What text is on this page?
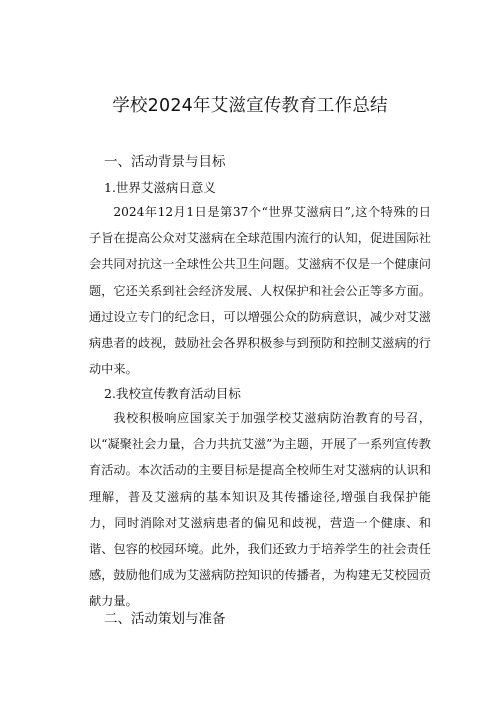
学校2024年艾滋宣传教育工作总结
一、活动背景与目标
1.世界艾滋病日意义

2024年12月1日是第37个“世界艾滋病日”,这个特殊的日子旨在提高公众对艾滋病在全球范围内流行的认知，促进国际社会共同对抗这一全球性公共卫生问题。艾滋病不仅是一个健康问题，它还关系到社会经济发展、人权保护和社会公正等多方面。通过设立专门的纪念日，可以增强公众的防病意识，减少对艾滋病患者的歧视，鼓励社会各界积极参与到预防和控制艾滋病的行动中来。

2.我校宣传教育活动目标

我校积极响应国家关于加强学校艾滋病防治教育的号召，以“凝聚社会力量，合力共抗艾滋”为主题，开展了一系列宣传教育活动。本次活动的主要目标是提高全校师生对艾滋病的认识和理解，普及艾滋病的基本知识及其传播途径,增强自我保护能力，同时消除对艾滋病患者的偏见和歧视，营造一个健康、和谐、包容的校园环境。此外，我们还致力于培养学生的社会责任感，鼓励他们成为艾滋病防控知识的传播者，为构建无艾校园贡献力量。

二、活动策划与准备
